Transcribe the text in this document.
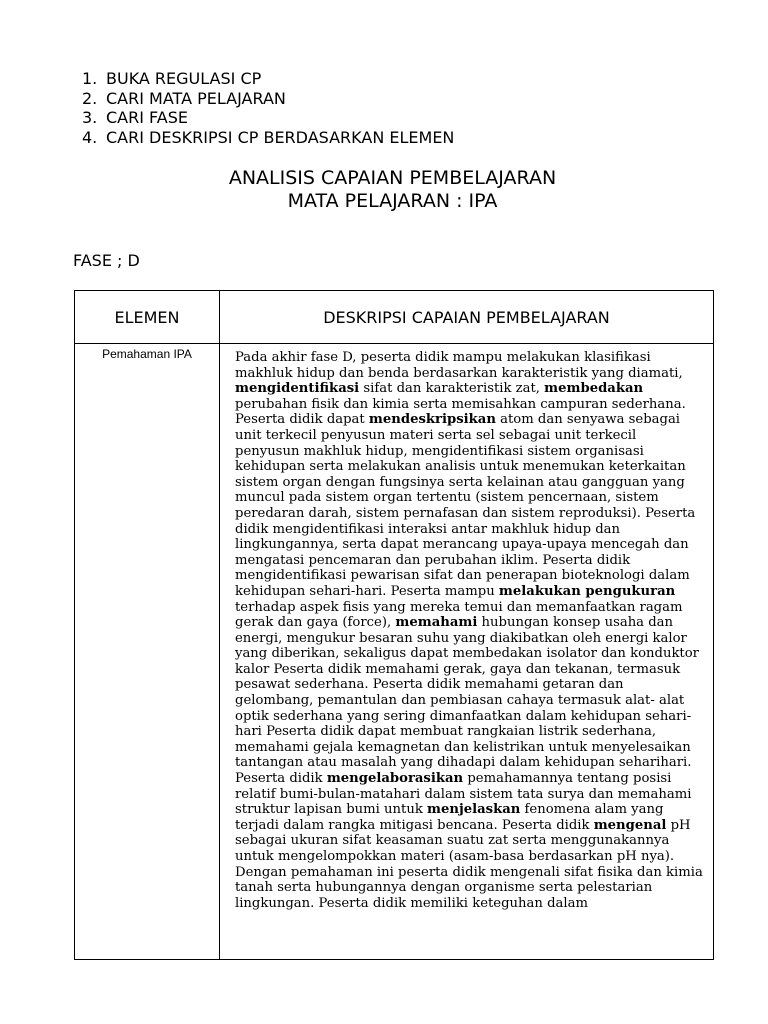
1. BUKA REGULASI CP
2. CARI MATA PELAJARAN
3. CARI FASE
4. CARI DESKRIPSI CP BERDASARKAN ELEMEN
ANALISIS CAPAIAN PEMBELAJARAN
MATA PELAJARAN : IPA
FASE ; D
ELEMEN	DESKRIPSI CAPAIAN PEMBELAJARAN

Pemahaman IPA	Pada akhir fase D, peserta didik mampu melakukan klasifikasi makhluk hidup dan benda berdasarkan karakteristik yang diamati, mengidentifikasi sifat dan karakteristik zat, membedakan perubahan fisik dan kimia serta memisahkan campuran sederhana. Peserta didik dapat mendeskripsikan atom dan senyawa sebagai unit terkecil penyusun materi serta sel sebagai unit terkecil penyusun makhluk hidup, mengidentifikasi sistem organisasi kehidupan serta melakukan analisis untuk menemukan keterkaitan sistem organ dengan fungsinya serta kelainan atau gangguan yang muncul pada sistem organ tertentu (sistem pencernaan, sistem peredaran darah, sistem pernafasan dan sistem reproduksi). Peserta didik mengidentifikasi interaksi antar makhluk hidup dan lingkungannya, serta dapat merancang upaya-upaya mencegah dan mengatasi pencemaran dan perubahan iklim. Peserta didik mengidentifikasi pewarisan sifat dan penerapan bioteknologi dalam kehidupan sehari-hari. Peserta mampu melakukan pengukuran terhadap aspek fisis yang mereka temui dan memanfaatkan ragam gerak dan gaya (force), memahami hubungan konsep usaha dan energi, mengukur besaran suhu yang diakibatkan oleh energi kalor yang diberikan, sekaligus dapat membedakan isolator dan konduktor kalor Peserta didik memahami gerak, gaya dan tekanan, termasuk pesawat sederhana. Peserta didik memahami getaran dan gelombang, pemantulan dan pembiasan cahaya termasuk alat- alat optik sederhana yang sering dimanfaatkan dalam kehidupan sehari-hari Peserta didik dapat membuat rangkaian listrik sederhana, memahami gejala kemagnetan dan kelistrikan untuk menyelesaikan tantangan atau masalah yang dihadapi dalam kehidupan seharihari. Peserta didik mengelaborasikan pemahamannya tentang posisi relatif bumi-bulan-matahari dalam sistem tata surya dan memahami struktur lapisan bumi untuk menjelaskan fenomena alam yang terjadi dalam rangka mitigasi bencana. Peserta didik mengenal pH sebagai ukuran sifat keasaman suatu zat serta menggunakannya untuk mengelompokkan materi (asam-basa berdasarkan pH nya). Dengan pemahaman ini peserta didik mengenali sifat fisika dan kimia tanah serta hubungannya dengan organisme serta pelestarian lingkungan. Peserta didik memiliki keteguhan dalam
